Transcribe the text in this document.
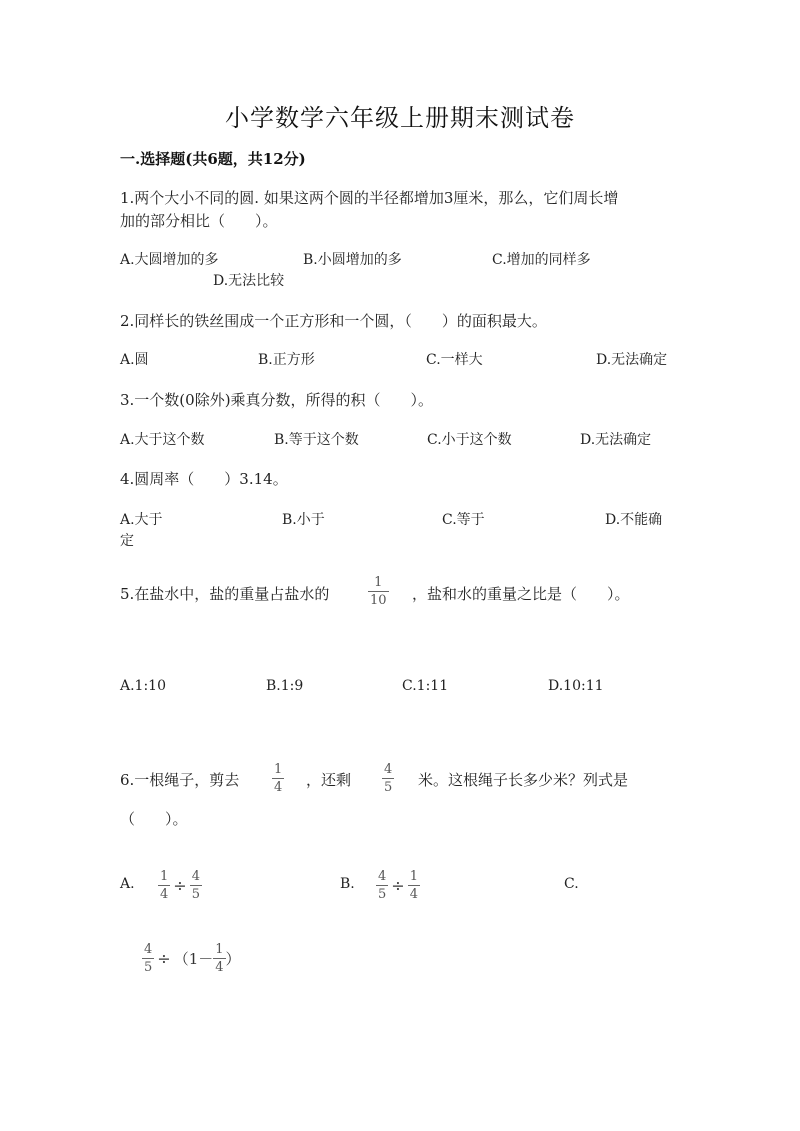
小学数学六年级上册期末测试卷
一.选择题(共6题，共12分)
1.两个大小不同的圆. 如果这两个圆的半径都增加3厘米，那么，它们周长增
加的部分相比（　　）。
A.大圆增加的多	B.小圆增加的多	C.增加的同样多
D.无法比较
2.同样长的铁丝围成一个正方形和一个圆，（　　）的面积最大。
A.圆	B.正方形	C.一样大	D.无法确定
3.一个数(0除外)乘真分数，所得的积（　　）。
A.大于这个数	B.等于这个数	C.小于这个数	D.无法确定
4.圆周率（　　）3.14。
A.大于	B.小于	C.等于	D.不能确
定
5.在盐水中，盐的重量占盐水的	$\frac{1}{10}$ ，盐和水的重量之比是（　　）。
A.1:10	B.1:9	C.1:11	D.10:11
6.一根绳子，剪去	$\frac{1}{4}$ ，还剩 $\frac{4}{5}$ 米。这根绳子长多少米？列式是
（　　）。
A. $\frac{1}{4} \div \frac{4}{5}$	B. $\frac{4}{5} \div \frac{1}{4}$	C.
$\frac{4}{5} \div (1- \frac{1}{4}$ ）
